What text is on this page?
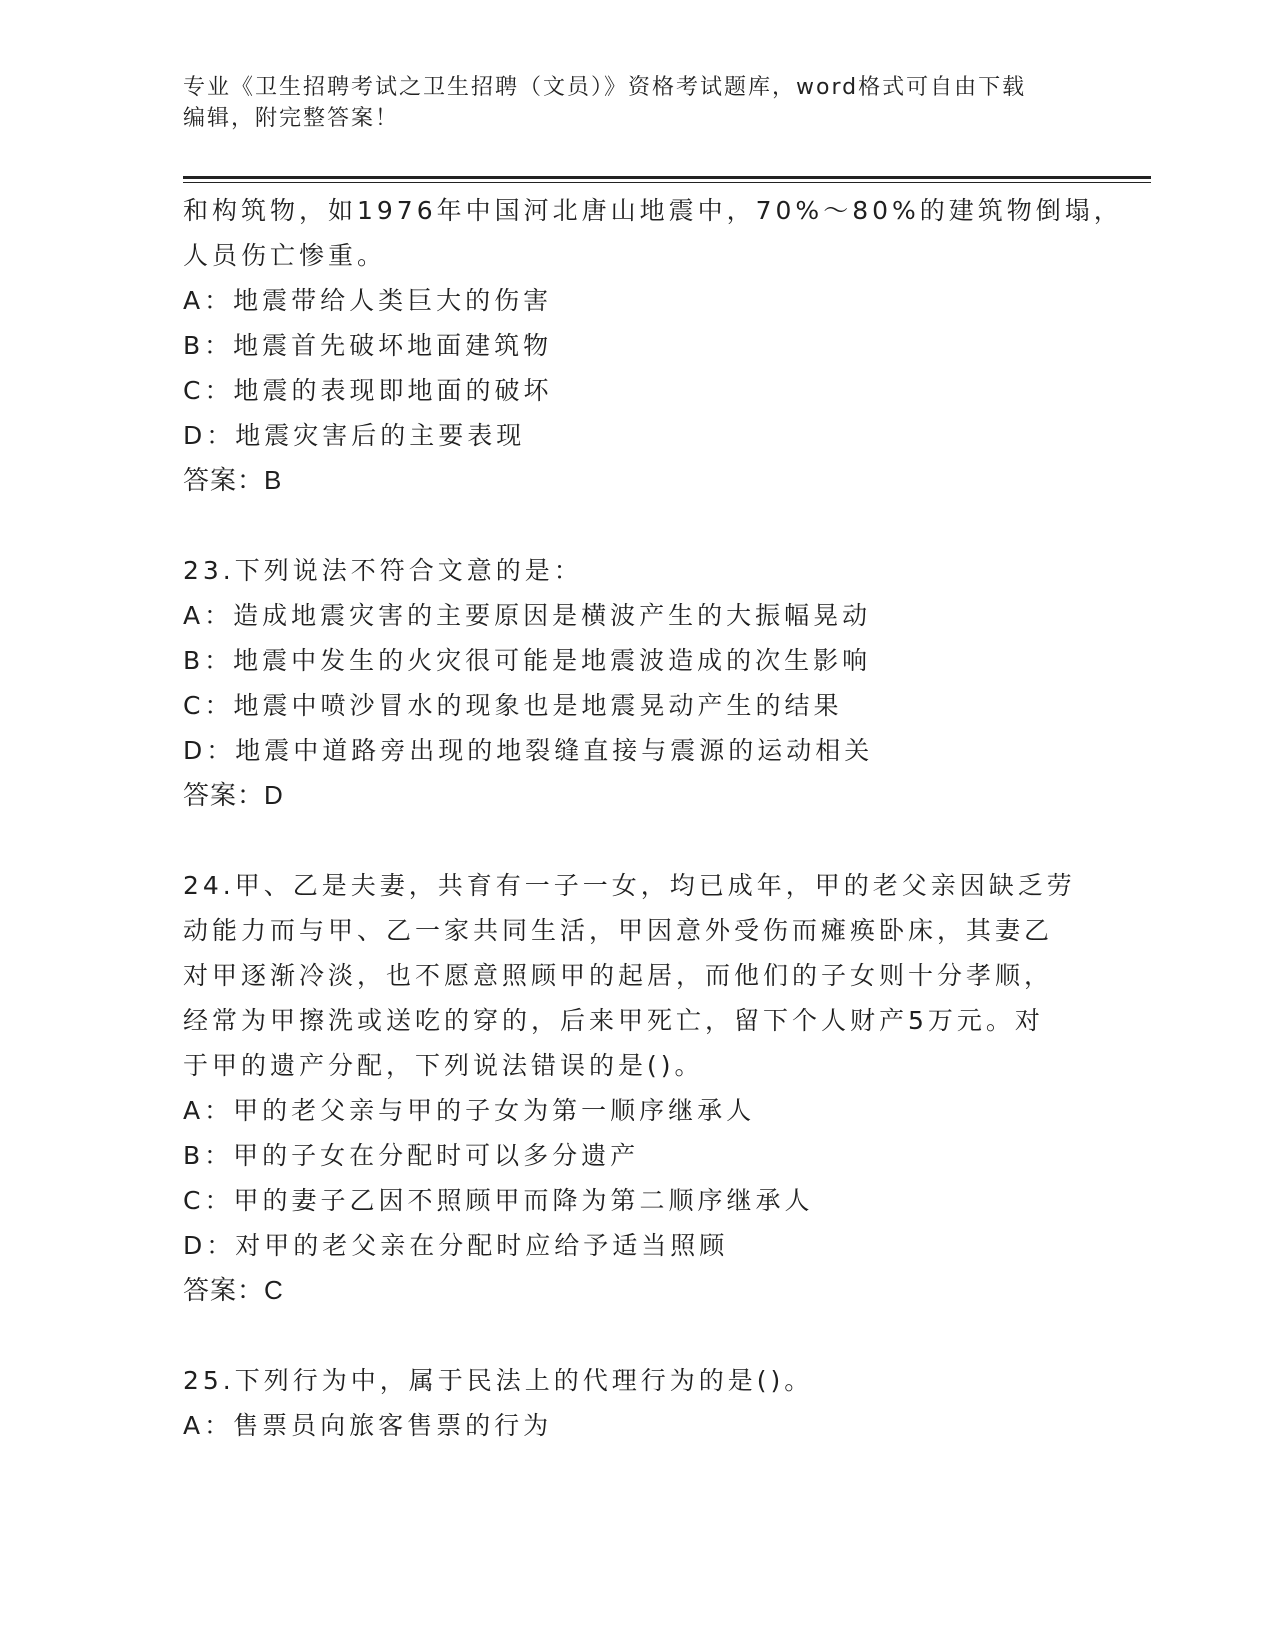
专业《卫生招聘考试之卫生招聘（文员）》资格考试题库，word格式可自由下载
编辑，附完整答案！
和构筑物，如1976年中国河北唐山地震中，70%～80%的建筑物倒塌，
人员伤亡惨重。
A：地震带给人类巨大的伤害
B：地震首先破坏地面建筑物
C：地震的表现即地面的破坏
D：地震灾害后的主要表现
答案：B
23.下列说法不符合文意的是：
A：造成地震灾害的主要原因是横波产生的大振幅晃动
B：地震中发生的火灾很可能是地震波造成的次生影响
C：地震中喷沙冒水的现象也是地震晃动产生的结果
D：地震中道路旁出现的地裂缝直接与震源的运动相关
答案：D
24.甲、乙是夫妻，共育有一子一女，均已成年，甲的老父亲因缺乏劳
动能力而与甲、乙一家共同生活，甲因意外受伤而瘫痪卧床，其妻乙
对甲逐渐冷淡，也不愿意照顾甲的起居，而他们的子女则十分孝顺，
经常为甲擦洗或送吃的穿的，后来甲死亡，留下个人财产5万元。对
于甲的遗产分配，下列说法错误的是()。
A：甲的老父亲与甲的子女为第一顺序继承人
B：甲的子女在分配时可以多分遗产
C：甲的妻子乙因不照顾甲而降为第二顺序继承人
D：对甲的老父亲在分配时应给予适当照顾
答案：C
25.下列行为中，属于民法上的代理行为的是()。
A：售票员向旅客售票的行为
